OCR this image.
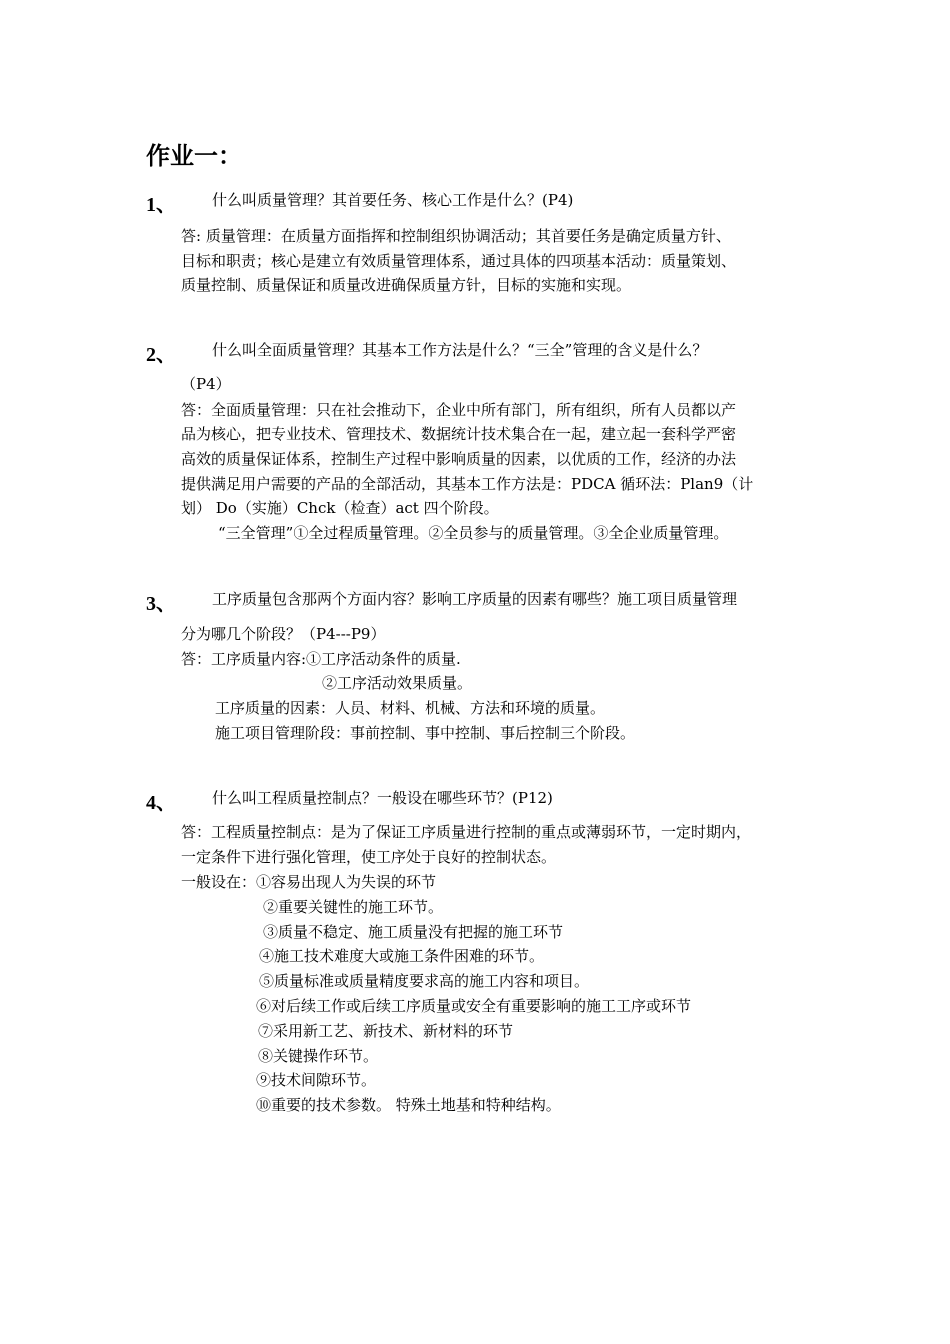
作业一：
1、 什么叫质量管理？其首要任务、核心工作是什么？(P4)
答: 质量管理：在质量方面指挥和控制组织协调活动；其首要任务是确定质量方针、
目标和职责；核心是建立有效质量管理体系，通过具体的四项基本活动：质量策划、
质量控制、质量保证和质量改进确保质量方针，目标的实施和实现。
2、 什么叫全面质量管理？其基本工作方法是什么？“三全”管理的含义是什么？
（P4）
答：全面质量管理：只在社会推动下，企业中所有部门，所有组织，所有人员都以产
品为核心，把专业技术、管理技术、数据统计技术集合在一起，建立起一套科学严密
高效的质量保证体系，控制生产过程中影响质量的因素，以优质的工作，经济的办法
提供满足用户需要的产品的全部活动，其基本工作方法是：PDCA 循环法：Plan9（计
划） Do（实施）Chck（检查）act 四个阶段。
“三全管理”①全过程质量管理。②全员参与的质量管理。③全企业质量管理。
3、 工序质量包含那两个方面内容？影响工序质量的因素有哪些？施工项目质量管理
分为哪几个阶段？（P4---P9）
答：工序质量内容:①工序活动条件的质量.
②工序活动效果质量。
工序质量的因素：人员、材料、机械、方法和环境的质量。
施工项目管理阶段：事前控制、事中控制、事后控制三个阶段。
4、 什么叫工程质量控制点？一般设在哪些环节？(P12)
答：工程质量控制点：是为了保证工序质量进行控制的重点或薄弱环节，一定时期内，
一定条件下进行强化管理，使工序处于良好的控制状态。
一般设在：①容易出现人为失误的环节
②重要关键性的施工环节。
③质量不稳定、施工质量没有把握的施工环节
④施工技术难度大或施工条件困难的环节。
⑤质量标准或质量精度要求高的施工内容和项目。
⑥对后续工作或后续工序质量或安全有重要影响的施工工序或环节
⑦采用新工艺、新技术、新材料的环节
⑧关键操作环节。
⑨技术间隙环节。
⑩重要的技术参数。 特殊土地基和特种结构。
